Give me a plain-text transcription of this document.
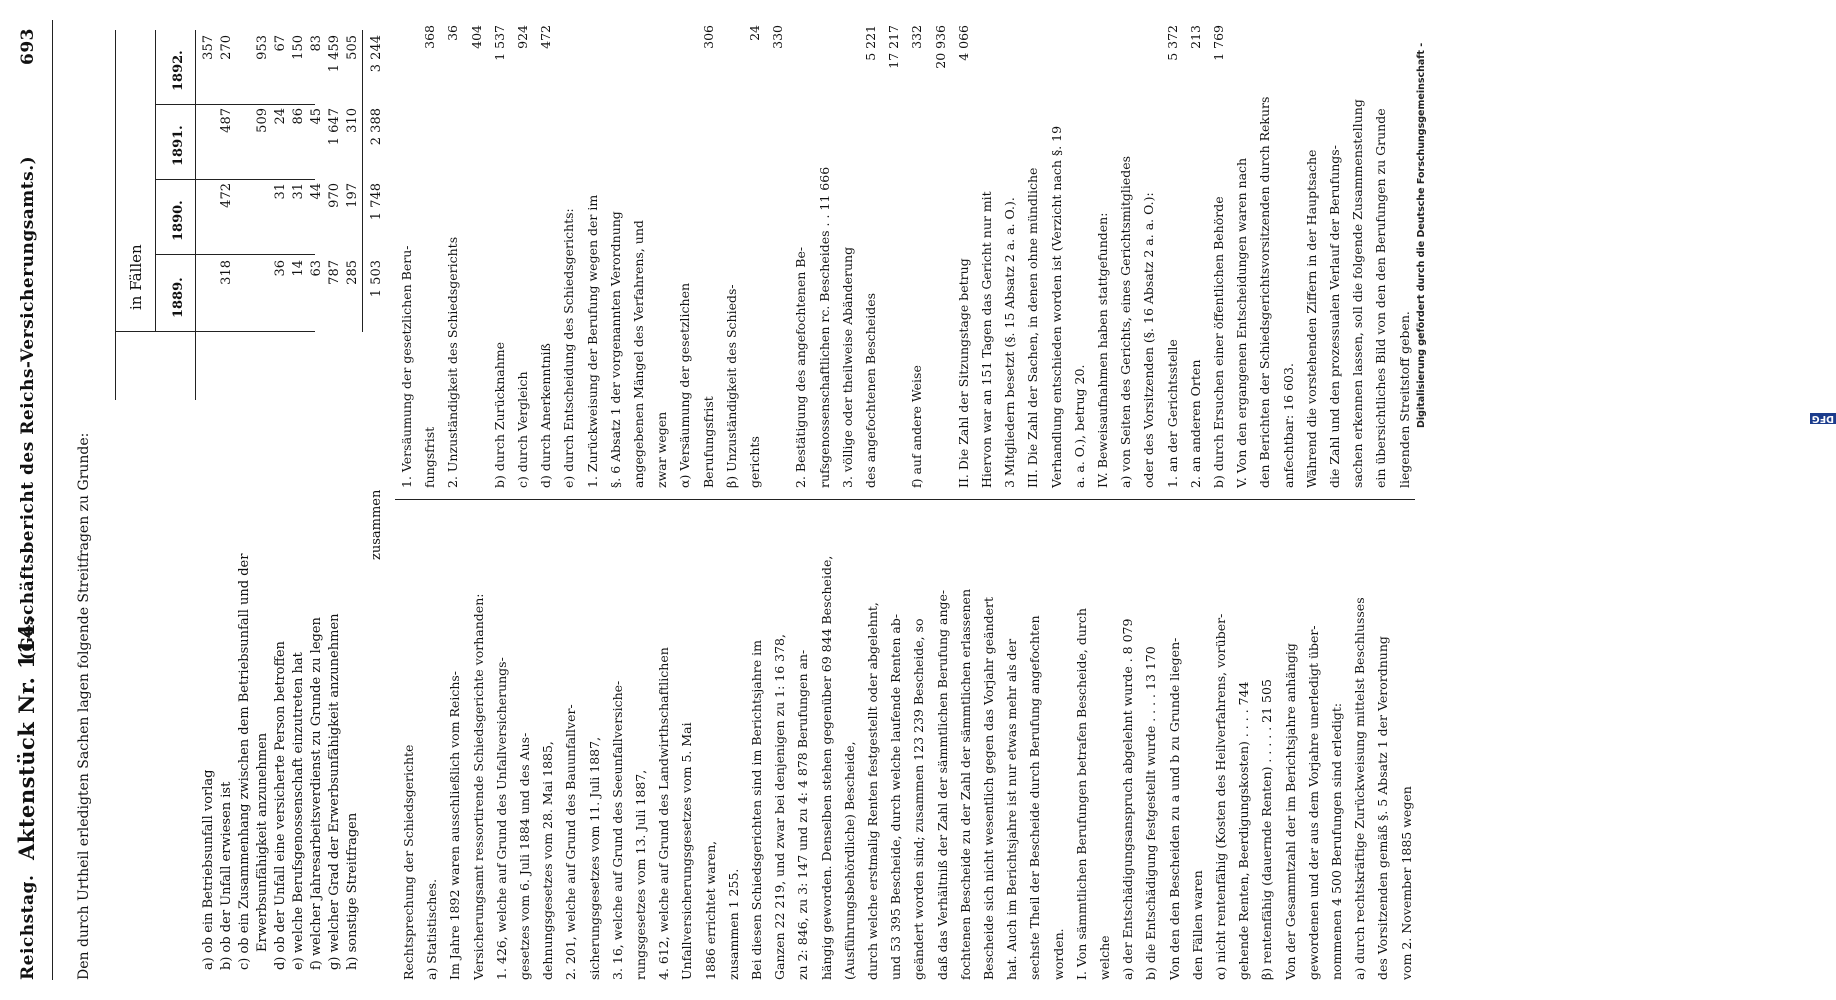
Reichstag.
Aktenstück Nr. 114.
(Geschäftsbericht des Reichs-Versicherungsamts.)
693
Den durch Urtheil erledigten Sachen lagen folgende Streitfragen zu Grunde:
in Fällen 1889.
1890.
1891.
1892.
a) ob ein Betriebsunfall vorlag
357
b) ob der Unfall erwiesen ist
318
472
487
270
c) ob ein Zusammenhang zwischen dem Betriebsunfall und der Erwerbsunfähigkeit anzunehmen
509
953
d) ob der Unfall eine versicherte Person betroffen
36
31
24
67
e) welche Berufsgenossenschaft einzutreten hat
14
31
86
150
f) welcher Jahresarbeitsverdienst zu Grunde zu legen
63
44
45
83
g) welcher Grad der Erwerbsunfähigkeit anzunehmen
787
970
1 647
1 459
h) sonstige Streitfragen
285
197
310
505
zusammen
1 503
1 748
2 388
3 244
Rechtsprechung der Schiedsgerichte a) Statistisches. Im Jahre 1892 waren ausschließlich vom Reichs- Versicherungsamt ressortirende Schiedsgerichte vorhanden: 1. 426, welche auf Grund des Unfallversicherungs- gesetzes vom 6. Juli 1884 und des Aus- dehnungsgesetzes vom 28. Mai 1885, 2. 201, welche auf Grund des Bauunfallver- sicherungsgesetzes vom 11. Juli 1887, 3. 16, welche auf Grund des Seeunfallversiche- rungsgesetzes vom 13. Juli 1887, 4. 612, welche auf Grund des Landwirthschaftlichen Unfallversicherungsgesetzes vom 5. Mai 1886 errichtet waren, zusammen 1 255. Bei diesen Schiedsgerichten sind im Berichtsjahre im Ganzen 22 219, und zwar bei denjenigen zu 1: 16 378, zu 2: 846, zu 3: 147 und zu 4: 4 878 Berufungen an- hängig geworden. Denselben stehen gegenüber 69 844 Bescheide, (Ausführungsbehördliche) Bescheide, durch welche erstmalig Renten festgestellt oder abgelehnt, und 53 395 Bescheide, durch welche laufende Renten ab- geändert worden sind; zusammen 123 239 Bescheide, so daß das Verhältniß der Zahl der sämmtlichen Berufung ange- fochtenen Bescheide zu der Zahl der sämmtlichen erlassenen Bescheide sich nicht wesentlich gegen das Vorjahr geändert hat. Auch im Berichtsjahre ist nur etwas mehr als der sechste Theil der Bescheide durch Berufung angefochten worden. I. Von sämmtlichen Berufungen betrafen Bescheide, durch welche a) der Entschädigungsanspruch abgelehnt wurde . 8 079 b) die Entschädigung festgestellt wurde . . . . 13 170 Von den den Bescheiden zu a und b zu Grunde liegen- den Fällen waren α) nicht rentenfähig (Kosten des Heilverfahrens, vorüber- gehende Renten, Beerdigungskosten) . . . . 744 β) rentenfähig (dauernde Renten) . . . . . 21 505 Von der Gesammtzahl der im Berichtsjahre anhängig gewordenen und der aus dem Vorjahre unerledigt über- nommenen 4 500 Berufungen sind erledigt: a) durch rechtskräftige Zurückweisung mittelst Beschlusses des Vorsitzenden gemäß §. 5 Absatz 1 der Verordnung vom 2. November 1885 wegen
1. Versäumung der gesetzlichen Beru- fungsfrist
368
2. Unzuständigkeit des Schiedsgerichts
36 404
b) durch Zurücknahme
1 537
c) durch Vergleich
924
d) durch Anerkenntniß
472
e) durch Entscheidung des Schiedsgerichts: 1. Zurückweisung der Berufung wegen der im §. 6 Absatz 1 der vorgenannten Verordnung angegebenen Mängel des Verfahrens, und zwar wegen α) Versäumung der gesetzlichen Berufungsfrist
306
β) Unzuständigkeit des Schieds- gerichts
24 330
2. Bestätigung des angefochtenen Be- rufsgenossenschaftlichen rc. Bescheides . . 11 666 3. völlige oder theilweise Abänderung des angefochtenen Bescheides
5 221 17 217
f) auf andere Weise
332 20 936
II. Die Zahl der Sitzungstage betrug
4 066
Hiervon war an 151 Tagen das Gericht nur mit 3 Mitgliedern besetzt (§. 15 Absatz 2 a. a. O.). III. Die Zahl der Sachen, in denen ohne mündliche Verhandlung entschieden worden ist (Verzicht nach §. 19 a. a. O.), betrug 20. IV. Beweisaufnahmen haben stattgefunden: a) von Seiten des Gerichts, eines Gerichtsmitgliedes oder des Vorsitzenden (§. 16 Absatz 2 a. a. O.): 1. an der Gerichtsstelle
5 372
2. an anderen Orten
213
b) durch Ersuchen einer öffentlichen Behörde
1 769
V. Von den ergangenen Entscheidungen waren nach den Berichten der Schiedsgerichtsvorsitzenden durch Rekurs anfechtbar: 16 603. Während die vorstehenden Ziffern in der Hauptsache die Zahl und den prozessualen Verlauf der Berufungs- sachen erkennen lassen, soll die folgende Zusammenstellung ein übersichtliches Bild von den den Berufungen zu Grunde liegenden Streitstoff geben. Digitalisierung gefördert durch die Deutsche Forschungsgemeinschaft -	DFG
